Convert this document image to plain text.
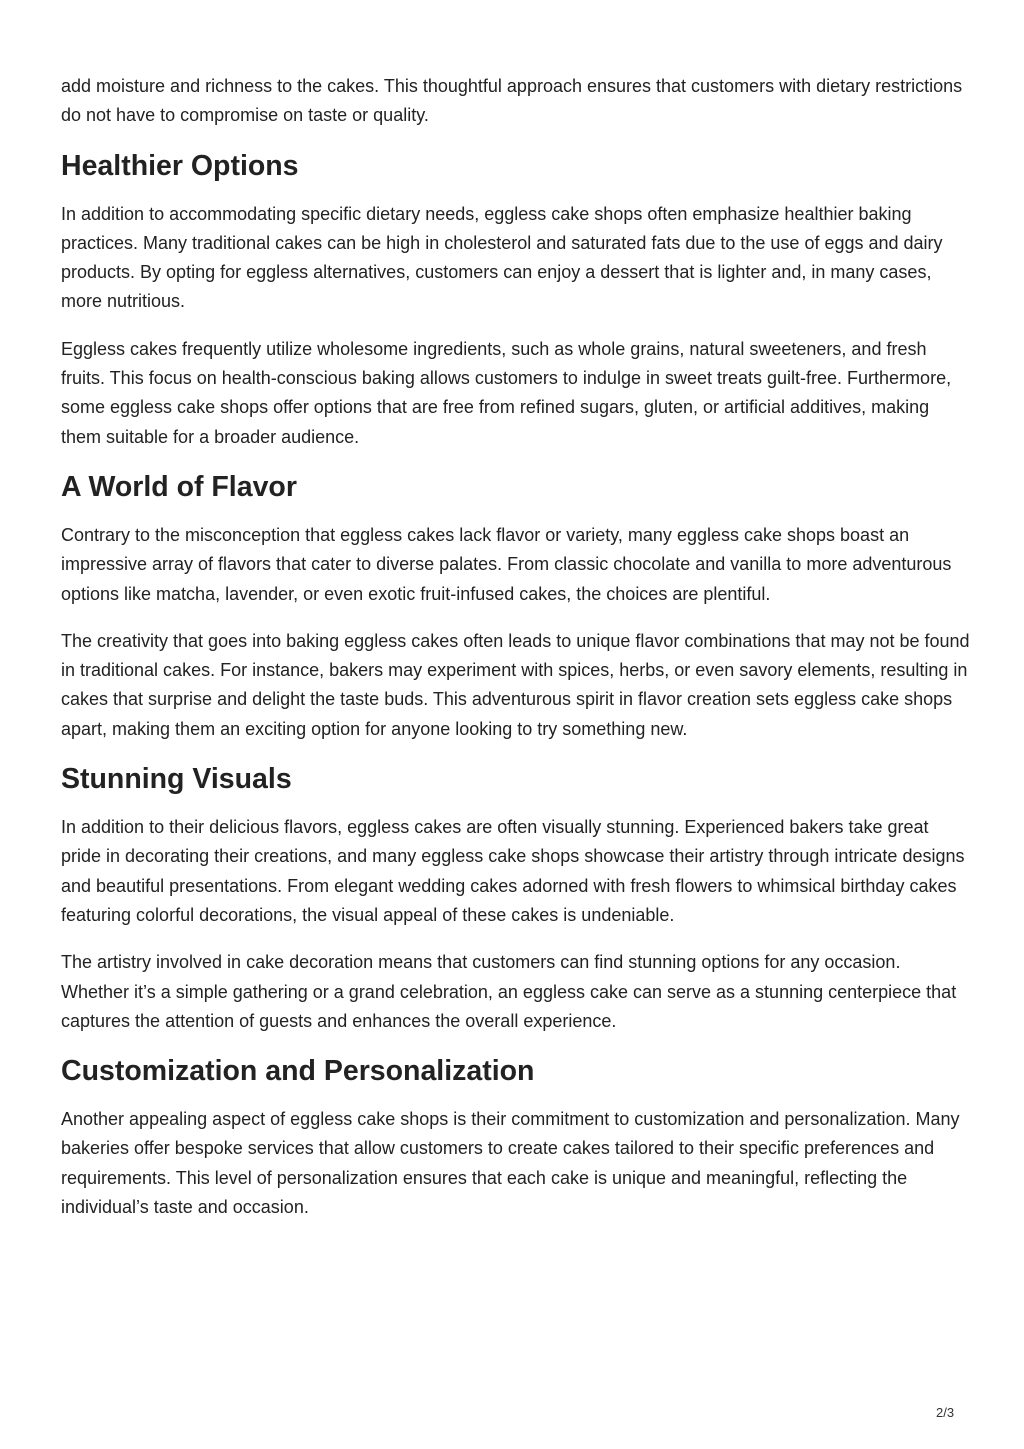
add moisture and richness to the cakes. This thoughtful approach ensures that customers with dietary restrictions do not have to compromise on taste or quality.

Healthier Options

In addition to accommodating specific dietary needs, eggless cake shops often emphasize healthier baking practices. Many traditional cakes can be high in cholesterol and saturated fats due to the use of eggs and dairy products. By opting for eggless alternatives, customers can enjoy a dessert that is lighter and, in many cases, more nutritious.

Eggless cakes frequently utilize wholesome ingredients, such as whole grains, natural sweeteners, and fresh fruits. This focus on health-conscious baking allows customers to indulge in sweet treats guilt-free. Furthermore, some eggless cake shops offer options that are free from refined sugars, gluten, or artificial additives, making them suitable for a broader audience.

A World of Flavor

Contrary to the misconception that eggless cakes lack flavor or variety, many eggless cake shops boast an impressive array of flavors that cater to diverse palates. From classic chocolate and vanilla to more adventurous options like matcha, lavender, or even exotic fruit-infused cakes, the choices are plentiful.

The creativity that goes into baking eggless cakes often leads to unique flavor combinations that may not be found in traditional cakes. For instance, bakers may experiment with spices, herbs, or even savory elements, resulting in cakes that surprise and delight the taste buds. This adventurous spirit in flavor creation sets eggless cake shops apart, making them an exciting option for anyone looking to try something new.

Stunning Visuals

In addition to their delicious flavors, eggless cakes are often visually stunning. Experienced bakers take great pride in decorating their creations, and many eggless cake shops showcase their artistry through intricate designs and beautiful presentations. From elegant wedding cakes adorned with fresh flowers to whimsical birthday cakes featuring colorful decorations, the visual appeal of these cakes is undeniable.

The artistry involved in cake decoration means that customers can find stunning options for any occasion. Whether it’s a simple gathering or a grand celebration, an eggless cake can serve as a stunning centerpiece that captures the attention of guests and enhances the overall experience.

Customization and Personalization

Another appealing aspect of eggless cake shops is their commitment to customization and personalization. Many bakeries offer bespoke services that allow customers to create cakes tailored to their specific preferences and requirements. This level of personalization ensures that each cake is unique and meaningful, reflecting the individual’s taste and occasion.

2/3
